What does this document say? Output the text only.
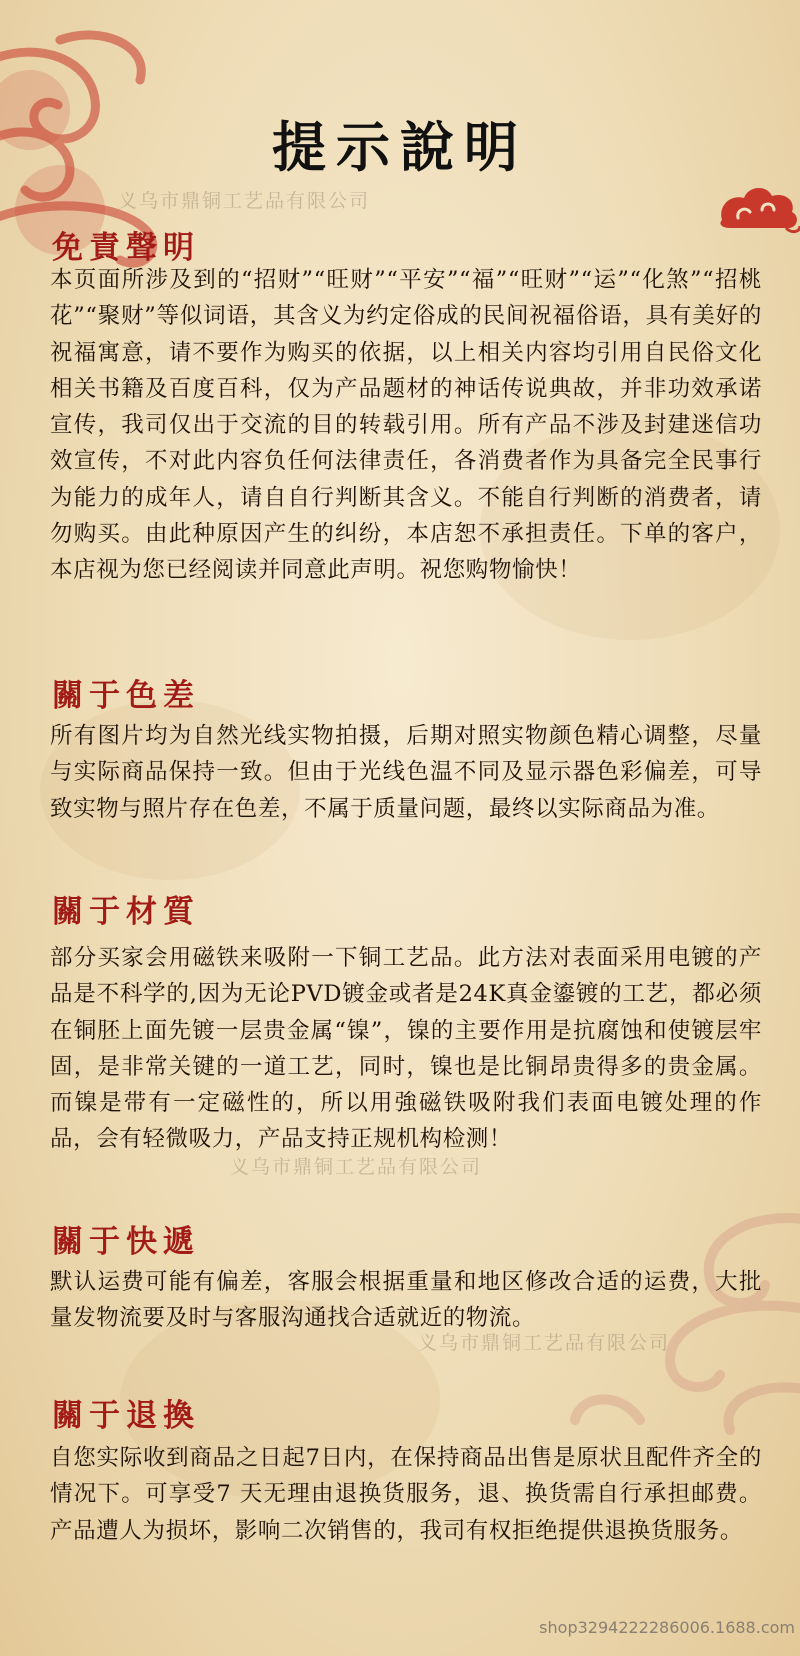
提示說明
义乌市鼎铜工艺品有限公司
义乌市鼎铜工艺品有限公司
义乌市鼎铜工艺品有限公司
免責聲明
本页面所涉及到的“招财”“旺财”“平安”“福”“旺财”“运”“化煞”“招桃花”“聚财”等似词语，其含义为约定俗成的民间祝福俗语，具有美好的祝福寓意，请不要作为购买的依据，以上相关内容均引用自民俗文化相关书籍及百度百科，仅为产品题材的神话传说典故，并非功效承诺宣传，我司仅出于交流的目的转载引用。所有产品不涉及封建迷信功效宣传，不对此内容负任何法律责任，各消费者作为具备完全民事行为能力的成年人，请自自行判断其含义。不能自行判断的消费者，请勿购买。由此种原因产生的纠纷，本店恕不承担责任。下单的客户，本店视为您已经阅读并同意此声明。祝您购物愉快！
關于色差
所有图片均为自然光线实物拍摄，后期对照实物颜色精心调整，尽量与实际商品保持一致。但由于光线色温不同及显示器色彩偏差，可导致实物与照片存在色差，不属于质量问题，最终以实际商品为准。
關于材質
部分买家会用磁铁来吸附一下铜工艺品。此方法对表面采用电镀的产品是不科学的,因为无论PVD镀金或者是24K真金鎏镀的工艺，都必须在铜胚上面先镀一层贵金属“镍”，镍的主要作用是抗腐蚀和使镀层牢固，是非常关键的一道工艺，同时，镍也是比铜昂贵得多的贵金属。而镍是带有一定磁性的，所以用強磁铁吸附我们表面电镀处理的作品，会有轻微吸力，产品支持正规机构检测！
關于快遞
默认运费可能有偏差，客服会根据重量和地区修改合适的运费，大批量发物流要及时与客服沟通找合适就近的物流。
關于退換
自您实际收到商品之日起7日内，在保持商品出售是原状且配件齐全的情况下。可享受7 天无理由退换货服务，退、换货需自行承担邮费。产品遭人为损坏，影响二次销售的，我司有权拒绝提供退换货服务。
shop3294222286006.1688.com
